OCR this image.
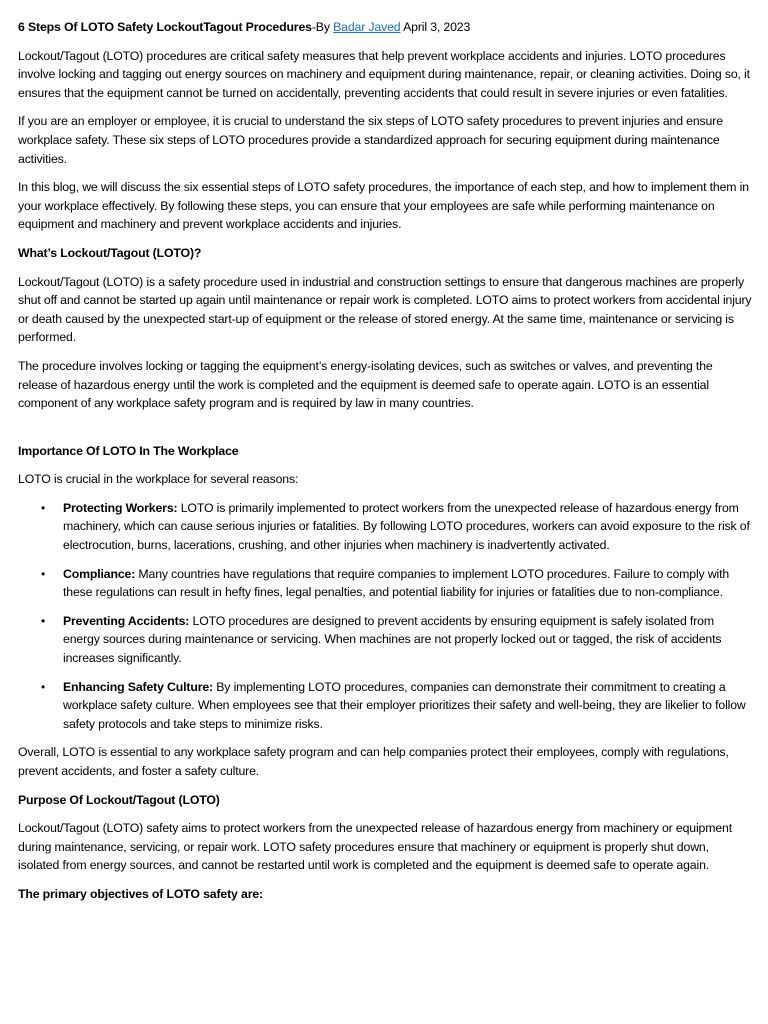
6 Steps Of LOTO Safety LockoutTagout Procedures-By Badar Javed April 3, 2023

Lockout/Tagout (LOTO) procedures are critical safety measures that help prevent workplace accidents and injuries. LOTO procedures involve locking and tagging out energy sources on machinery and equipment during maintenance, repair, or cleaning activities. Doing so, it ensures that the equipment cannot be turned on accidentally, preventing accidents that could result in severe injuries or even fatalities.

If you are an employer or employee, it is crucial to understand the six steps of LOTO safety procedures to prevent injuries and ensure workplace safety. These six steps of LOTO procedures provide a standardized approach for securing equipment during maintenance activities.

In this blog, we will discuss the six essential steps of LOTO safety procedures, the importance of each step, and how to implement them in your workplace effectively. By following these steps, you can ensure that your employees are safe while performing maintenance on equipment and machinery and prevent workplace accidents and injuries.

What’s Lockout/Tagout (LOTO)?

Lockout/Tagout (LOTO) is a safety procedure used in industrial and construction settings to ensure that dangerous machines are properly shut off and cannot be started up again until maintenance or repair work is completed. LOTO aims to protect workers from accidental injury or death caused by the unexpected start-up of equipment or the release of stored energy. At the same time, maintenance or servicing is performed.

The procedure involves locking or tagging the equipment’s energy-isolating devices, such as switches or valves, and preventing the release of hazardous energy until the work is completed and the equipment is deemed safe to operate again. LOTO is an essential component of any workplace safety program and is required by law in many countries.

Importance Of LOTO In The Workplace

LOTO is crucial in the workplace for several reasons:

• Protecting Workers: LOTO is primarily implemented to protect workers from the unexpected release of hazardous energy from machinery, which can cause serious injuries or fatalities. By following LOTO procedures, workers can avoid exposure to the risk of electrocution, burns, lacerations, crushing, and other injuries when machinery is inadvertently activated.
• Compliance: Many countries have regulations that require companies to implement LOTO procedures. Failure to comply with these regulations can result in hefty fines, legal penalties, and potential liability for injuries or fatalities due to non-compliance.
• Preventing Accidents: LOTO procedures are designed to prevent accidents by ensuring equipment is safely isolated from energy sources during maintenance or servicing. When machines are not properly locked out or tagged, the risk of accidents increases significantly.
• Enhancing Safety Culture: By implementing LOTO procedures, companies can demonstrate their commitment to creating a workplace safety culture. When employees see that their employer prioritizes their safety and well-being, they are likelier to follow safety protocols and take steps to minimize risks.

Overall, LOTO is essential to any workplace safety program and can help companies protect their employees, comply with regulations, prevent accidents, and foster a safety culture.

Purpose Of Lockout/Tagout (LOTO)

Lockout/Tagout (LOTO) safety aims to protect workers from the unexpected release of hazardous energy from machinery or equipment during maintenance, servicing, or repair work. LOTO safety procedures ensure that machinery or equipment is properly shut down, isolated from energy sources, and cannot be restarted until work is completed and the equipment is deemed safe to operate again.

The primary objectives of LOTO safety are:
